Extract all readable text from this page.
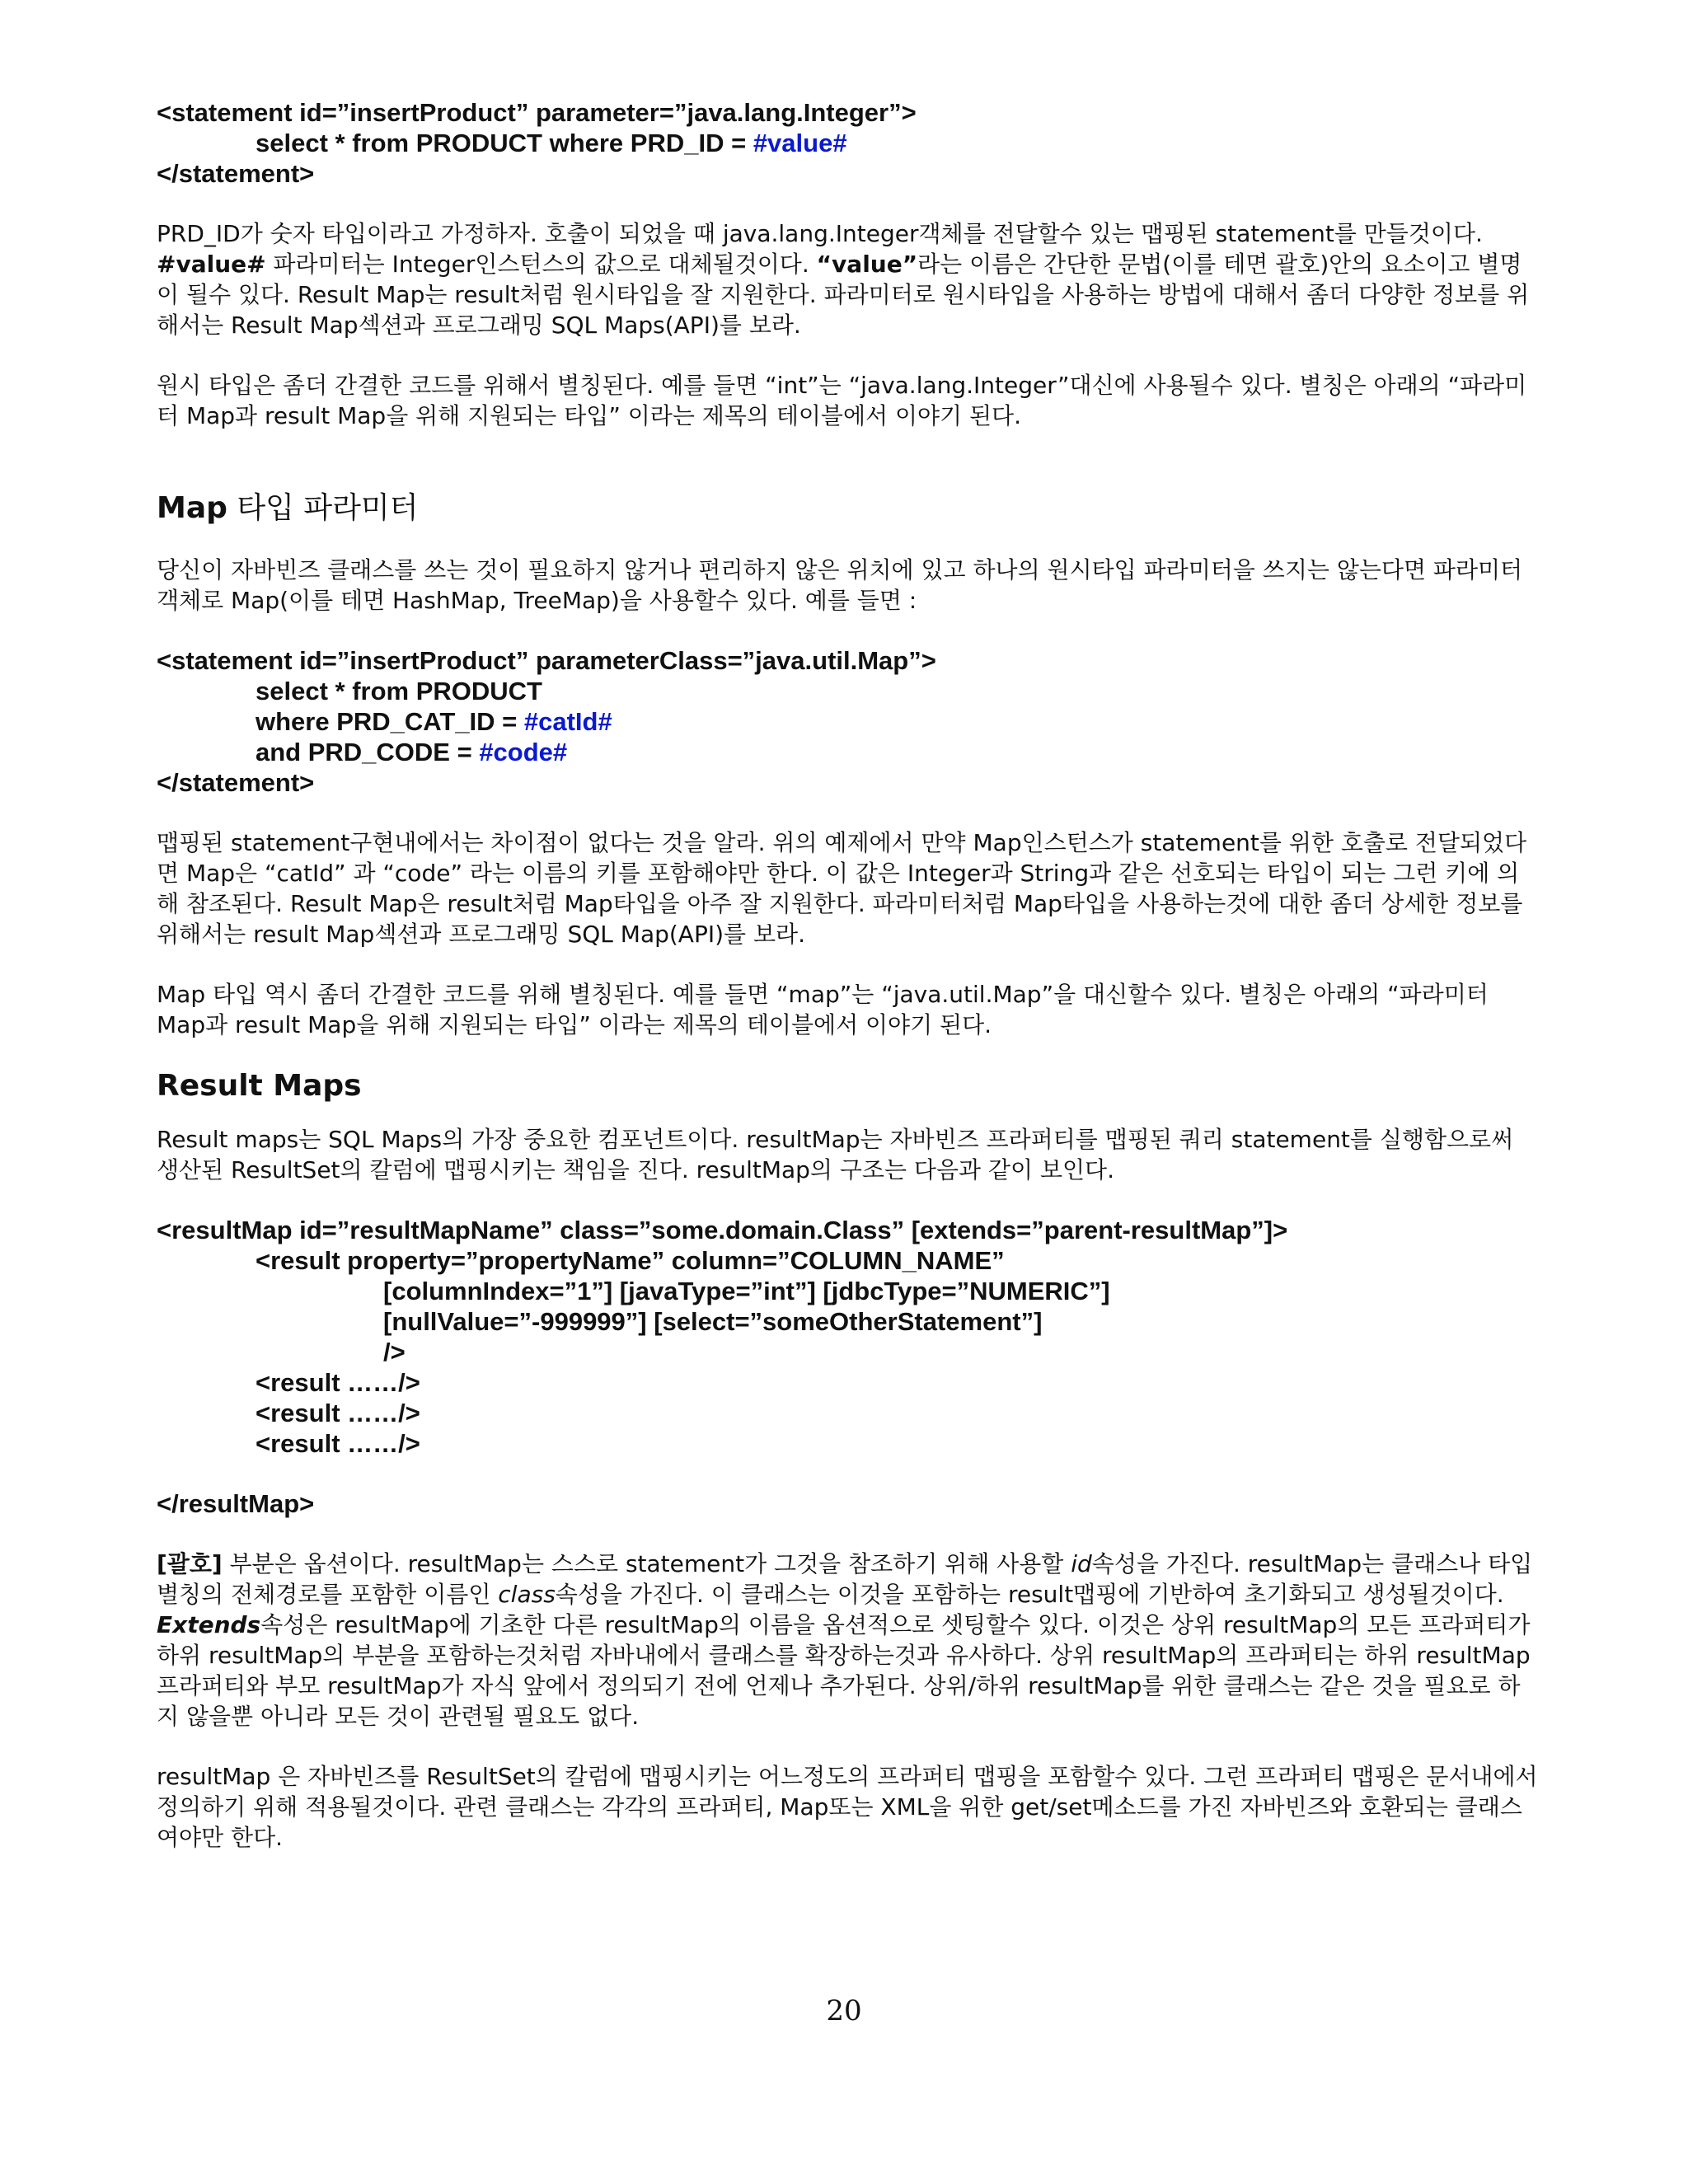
<statement id=”insertProduct” parameter=”java.lang.Integer”>
select * from PRODUCT where PRD_ID = #value#
</statement>

PRD_ID가 숫자 타입이라고 가정하자. 호출이 되었을 때 java.lang.Integer객체를 전달할수 있는 맵핑된 statement를 만들것이다. #value# 파라미터는 Integer인스턴스의 값으로 대체될것이다. “value”라는 이름은 간단한 문법(이를 테면 괄호)안의 요소이고 별명이 될수 있다. Result Map는 result처럼 원시타입을 잘 지원한다. 파라미터로 원시타입을 사용하는 방법에 대해서 좀더 다양한 정보를 위해서는 Result Map섹션과 프로그래밍 SQL Maps(API)를 보라.

원시 타입은 좀더 간결한 코드를 위해서 별칭된다. 예를 들면 “int”는 “java.lang.Integer”대신에 사용될수 있다. 별칭은 아래의 “파라미터 Map과 result Map을 위해 지원되는 타입” 이라는 제목의 테이블에서 이야기 된다.

Map 타입 파라미터

당신이 자바빈즈 클래스를 쓰는 것이 필요하지 않거나 편리하지 않은 위치에 있고 하나의 원시타입 파라미터을 쓰지는 않는다면 파라미터객체로 Map(이를 테면 HashMap, TreeMap)을 사용할수 있다. 예를 들면 :

<statement id=”insertProduct” parameterClass=”java.util.Map”>
select * from PRODUCT
where PRD_CAT_ID = #catId#
and PRD_CODE = #code#
</statement>

맵핑된 statement구현내에서는 차이점이 없다는 것을 알라. 위의 예제에서 만약 Map인스턴스가 statement를 위한 호출로 전달되었다면 Map은 “catId” 과 “code” 라는 이름의 키를 포함해야만 한다. 이 값은 Integer과 String과 같은 선호되는 타입이 되는 그런 키에 의해 참조된다. Result Map은 result처럼 Map타입을 아주 잘 지원한다. 파라미터처럼 Map타입을 사용하는것에 대한 좀더 상세한 정보를 위해서는 result Map섹션과 프로그래밍 SQL Map(API)를 보라.

Map 타입 역시 좀더 간결한 코드를 위해 별칭된다. 예를 들면 “map”는 “java.util.Map”을 대신할수 있다. 별칭은 아래의 “파라미터 Map과 result Map을 위해 지원되는 타입” 이라는 제목의 테이블에서 이야기 된다.

Result Maps

Result maps는 SQL Maps의 가장 중요한 컴포넌트이다. resultMap는 자바빈즈 프라퍼티를 맵핑된 쿼리 statement를 실행함으로써 생산된 ResultSet의 칼럼에 맵핑시키는 책임을 진다. resultMap의 구조는 다음과 같이 보인다.

<resultMap id=”resultMapName” class=”some.domain.Class” [extends=”parent-resultMap”]>
<result property=”propertyName” column=”COLUMN_NAME”
[columnIndex=”1”] [javaType=”int”] [jdbcType=”NUMERIC”]
[nullValue=”-999999”] [select=”someOtherStatement”]
/>
<result ……/>
<result ……/>
<result ……/>
</resultMap>

[괄호] 부분은 옵션이다. resultMap는 스스로 statement가 그것을 참조하기 위해 사용할 id속성을 가진다. resultMap는 클래스나 타입별칭의 전체경로를 포함한 이름인 class속성을 가진다. 이 클래스는 이것을 포함하는 result맵핑에 기반하여 초기화되고 생성될것이다. Extends속성은 resultMap에 기초한 다른 resultMap의 이름을 옵션적으로 셋팅할수 있다. 이것은 상위 resultMap의 모든 프라퍼티가 하위 resultMap의 부분을 포함하는것처럼 자바내에서 클래스를 확장하는것과 유사하다. 상위 resultMap의 프라퍼티는 하위 resultMap프라퍼티와 부모 resultMap가 자식 앞에서 정의되기 전에 언제나 추가된다. 상위/하위 resultMap를 위한 클래스는 같은 것을 필요로 하지 않을뿐 아니라 모든 것이 관련될 필요도 없다.

resultMap 은 자바빈즈를 ResultSet의 칼럼에 맵핑시키는 어느정도의 프라퍼티 맵핑을 포함할수 있다. 그런 프라퍼티 맵핑은 문서내에서 정의하기 위해 적용될것이다. 관련 클래스는 각각의 프라퍼티, Map또는 XML을 위한 get/set메소드를 가진 자바빈즈와 호환되는 클래스여야만 한다.

20
